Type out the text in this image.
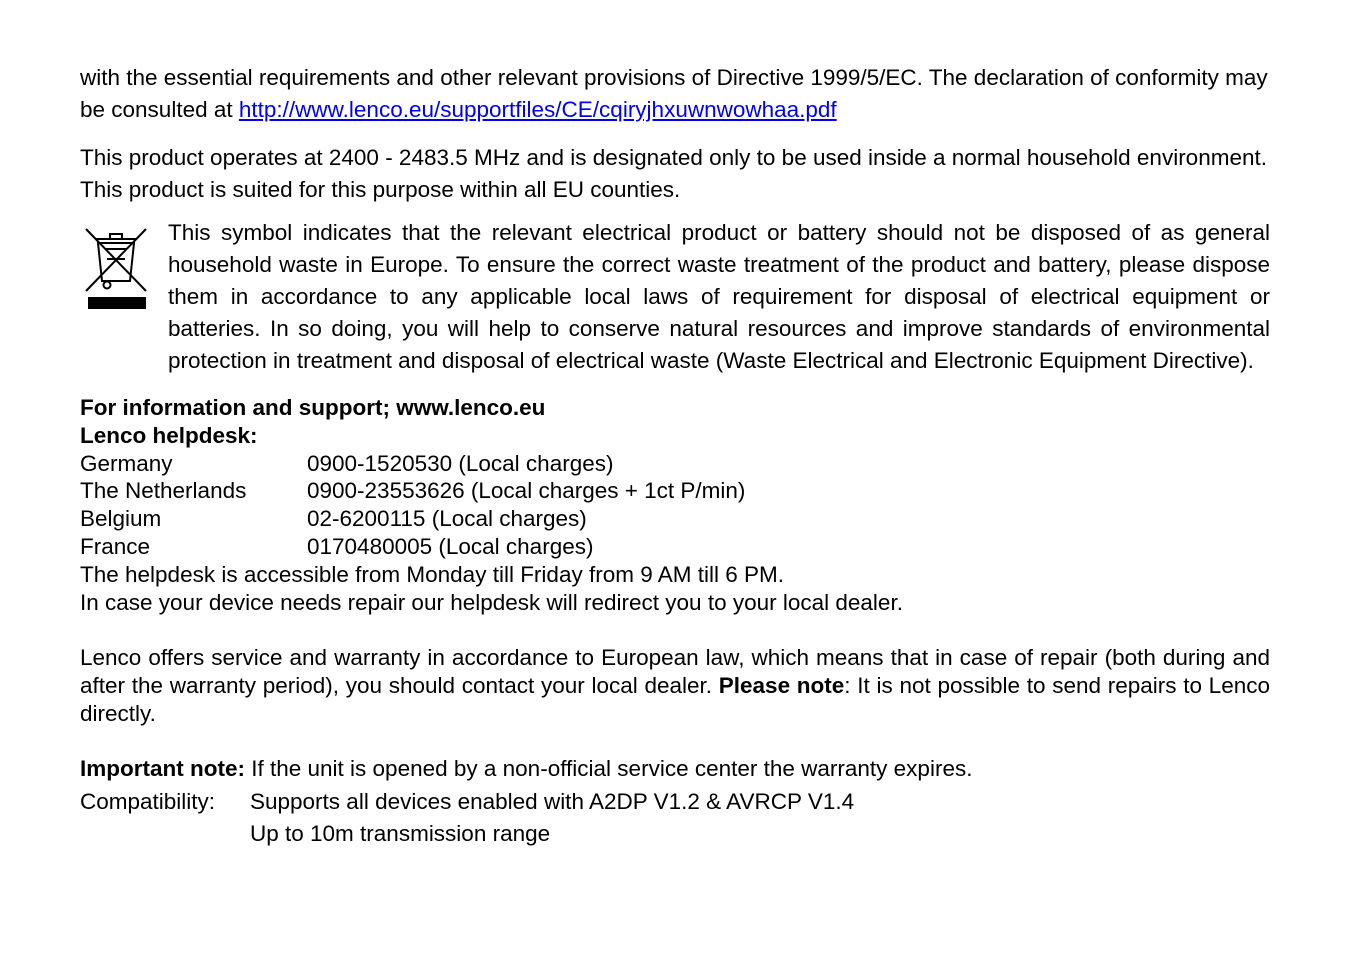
with the essential requirements and other relevant provisions of Directive 1999/5/EC. The declaration of conformity may be consulted at http://www.lenco.eu/supportfiles/CE/cqiryjhxuwnwowhaa.pdf

This product operates at 2400 - 2483.5 MHz and is designated only to be used inside a normal household environment. This product is suited for this purpose within all EU counties.

This symbol indicates that the relevant electrical product or battery should not be disposed of as general household waste in Europe. To ensure the correct waste treatment of the product and battery, please dispose them in accordance to any applicable local laws of requirement for disposal of electrical equipment or batteries. In so doing, you will help to conserve natural resources and improve standards of environmental protection in treatment and disposal of electrical waste (Waste Electrical and Electronic Equipment Directive).

For information and support; www.lenco.eu

Lenco helpdesk:

Germany	0900-1520530 (Local charges)
The Netherlands	0900-23553626 (Local charges + 1ct P/min)
Belgium	02-6200115 (Local charges)
France	0170480005 (Local charges)

The helpdesk is accessible from Monday till Friday from 9 AM till 6 PM.

In case your device needs repair our helpdesk will redirect you to your local dealer.

Lenco offers service and warranty in accordance to European law, which means that in case of repair (both during and after the warranty period), you should contact your local dealer. Please note: It is not possible to send repairs to Lenco directly.

Important note: If the unit is opened by a non-official service center the warranty expires.

Compatibility:	Supports all devices enabled with A2DP V1.2 & AVRCP V1.4
Up to 10m transmission range
